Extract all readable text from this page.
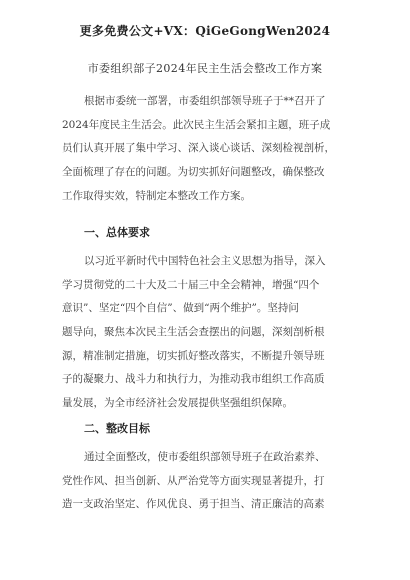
更多免费公文+VX：QiGeGongWen2024
市委组织部子2024年民主生活会整改工作方案
根据市委统一部署，市委组织部领导班子于**召开了
2024年度民主生活会。此次民主生活会紧扣主题，班子成
员们认真开展了集中学习、深入谈心谈话、深刻检视剖析，
全面梳理了存在的问题。为切实抓好问题整改，确保整改
工作取得实效，特制定本整改工作方案。
一、总体要求
以习近平新时代中国特色社会主义思想为指导，深入
学习贯彻党的二十大及二十届三中全会精神，增强“四个
意识”、坚定“四个自信”、做到“两个维护”。坚持问
题导向，聚焦本次民主生活会查摆出的问题，深刻剖析根
源，精准制定措施，切实抓好整改落实，不断提升领导班
子的凝聚力、战斗力和执行力，为推动我市组织工作高质
量发展，为全市经济社会发展提供坚强组织保障。
二、整改目标
通过全面整改，使市委组织部领导班子在政治素养、
党性作风、担当创新、从严治党等方面实现显著提升，打
造一支政治坚定、作风优良、勇于担当、清正廉洁的高素
